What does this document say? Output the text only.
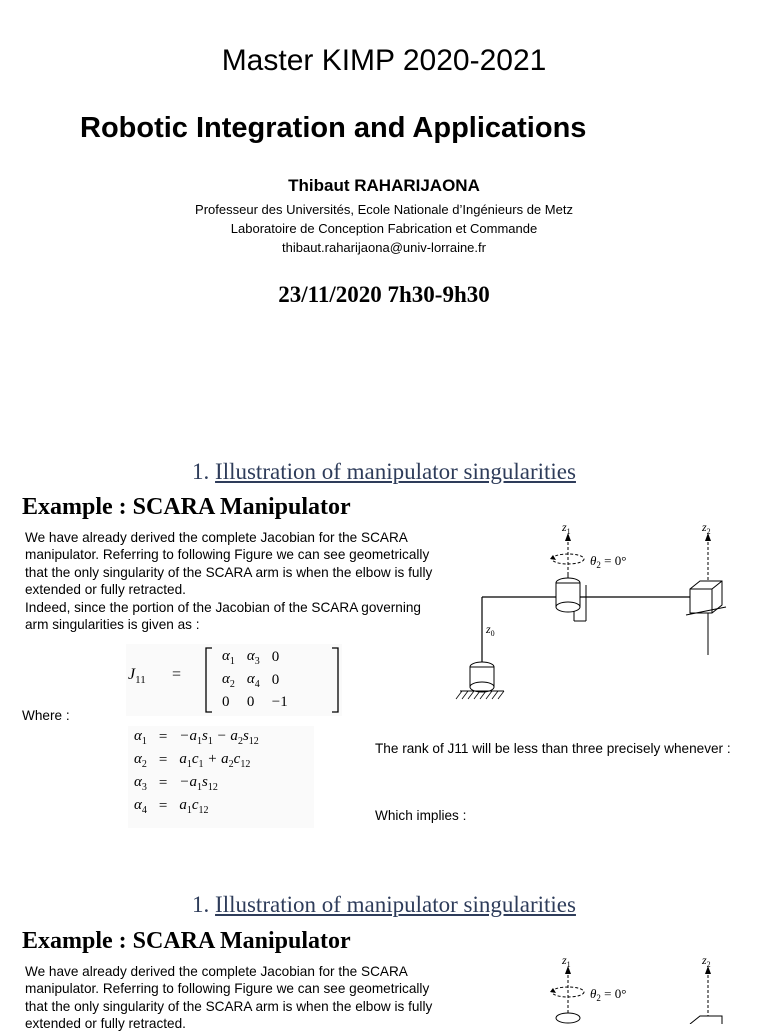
Master KIMP 2020-2021
Robotic Integration and Applications
Thibaut RAHARIJAONA
Professeur des Universités, Ecole Nationale d’Ingénieurs de Metz
Laboratoire de Conception Fabrication et Commande
thibaut.raharijaona@univ-lorraine.fr
23/11/2020 7h30-9h30
1. Illustration of manipulator singularities
Example : SCARA Manipulator
We have already derived the complete Jacobian for the SCARA
manipulator. Referring to following Figure we can see geometrically
that the only singularity of the SCARA arm is when the elbow is fully
extended or fully retracted.
Indeed, since the portion of the Jacobian of the SCARA governing
arm singularities is given as :
$J_{11}$ =
$\alpha_1$	$\alpha_3$	0
$\alpha_2$	$\alpha_4$	0
0	0	−1
Where :
$\alpha_1$	=	$-a_1s_1 - a_2s_{12}$
$\alpha_2$	=	$a_1c_1 + a_2c_{12}$
$\alpha_3$	=	$-a_1s_{12}$
$\alpha_4$	=	$a_1c_{12}$
The rank of J11 will be less than three precisely whenever :
Which implies :
$z_1$	$z_2$
$z_0$
$\theta_2 = 0^\circ$
1. Illustration of manipulator singularities
Example : SCARA Manipulator
We have already derived the complete Jacobian for the SCARA
manipulator. Referring to following Figure we can see geometrically
that the only singularity of the SCARA arm is when the elbow is fully
extended or fully retracted.
$z_1$	$z_2$
$\theta_2 = 0^\circ$
